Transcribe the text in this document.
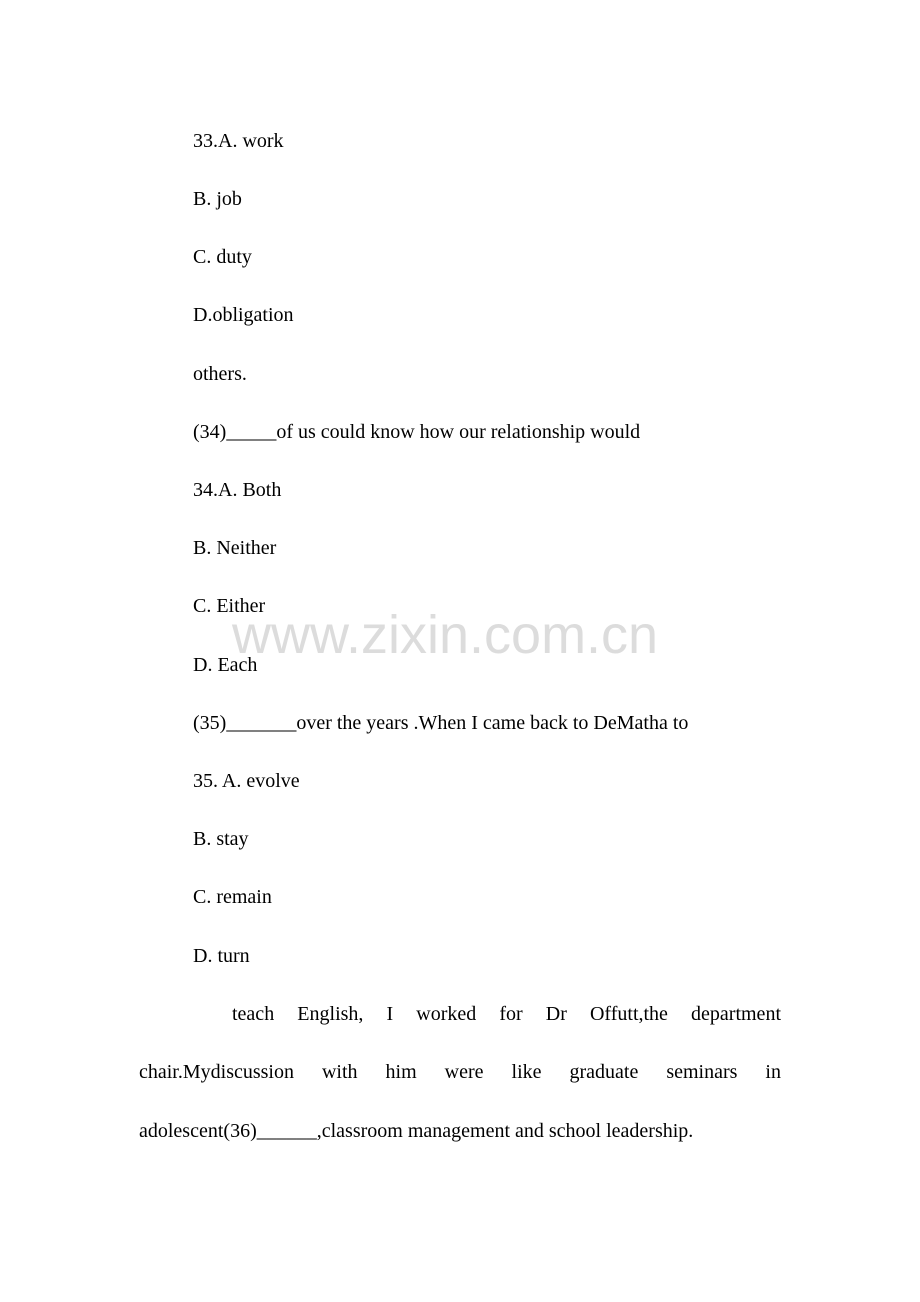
33.A. work
B. job
C. duty
D.obligation
others.
(34)_____of us could know how our relationship would
34.A. Both
B. Neither
C. Either
D. Each
(35)_______over the years .When I came back to DeMatha to
35. A. evolve
B. stay
C. remain
D. turn
teach English, I worked for Dr Offutt,the department
chair.Mydiscussion with him were like graduate seminars in
adolescent(36)______,classroom management and school leadership.
www.zixin.com.cn
